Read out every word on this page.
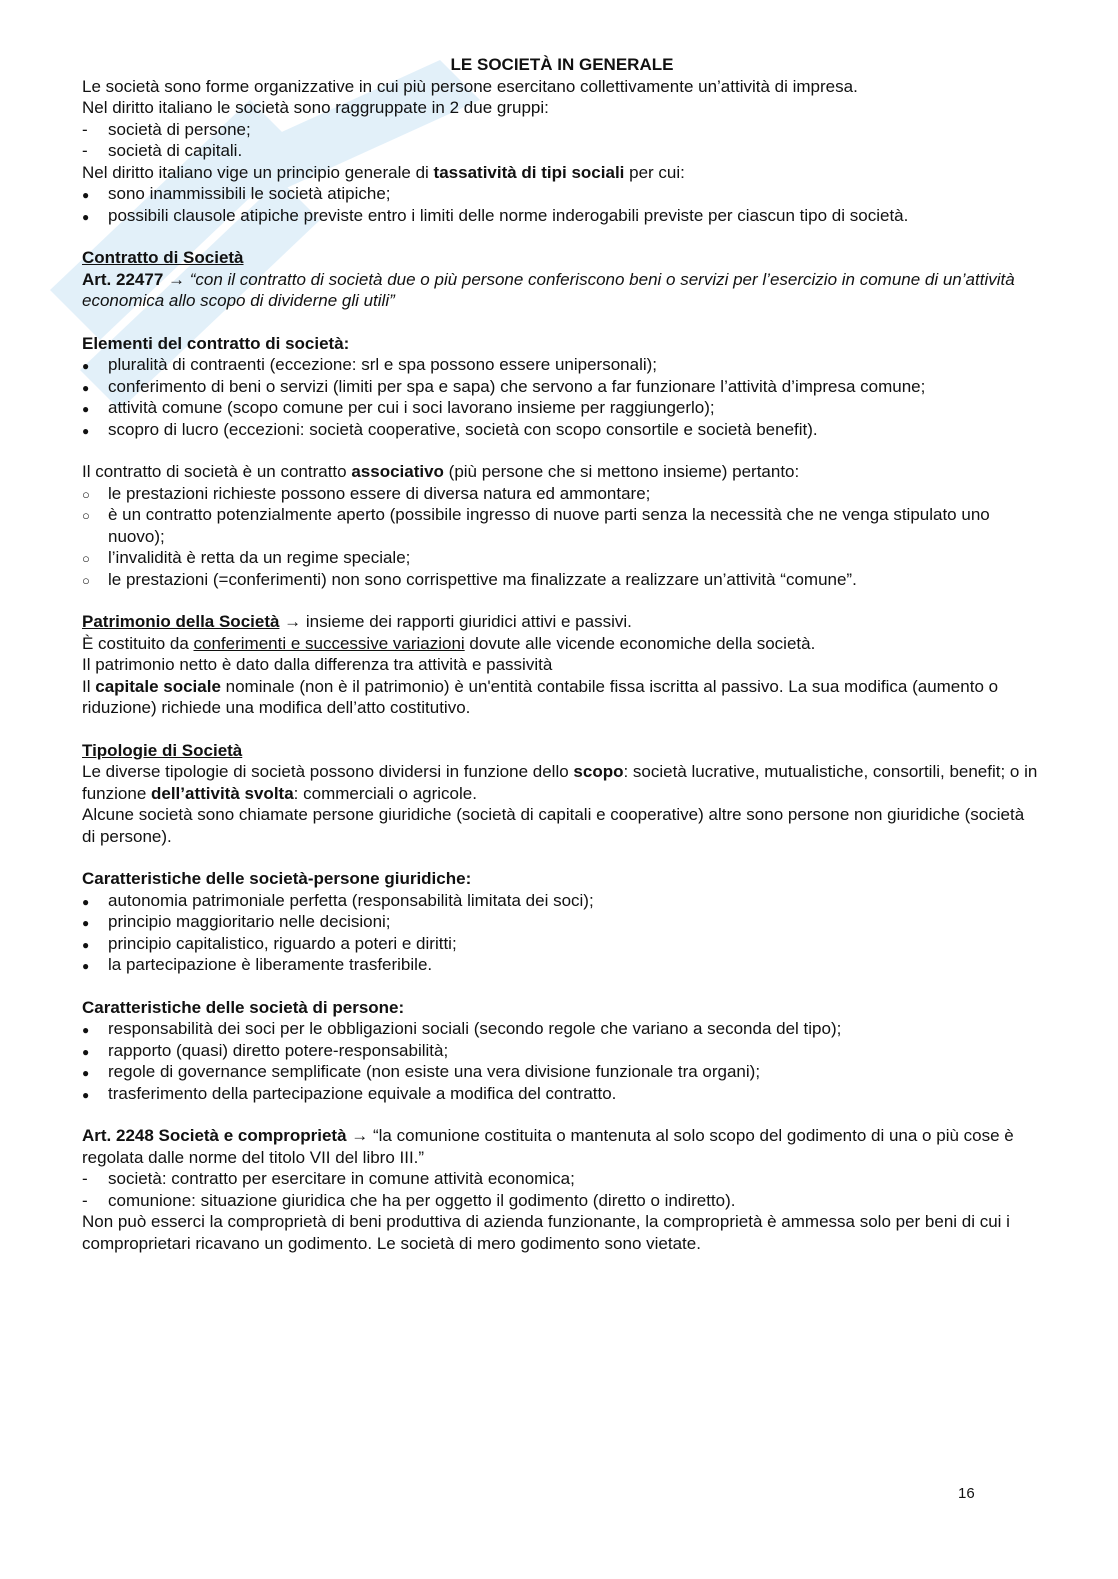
LE SOCIETÀ IN GENERALE

Le società sono forme organizzative in cui più persone esercitano collettivamente un’attività di impresa.

Nel diritto italiano le società sono raggruppate in 2 due gruppi:

-
società di persone;
-
società di capitali.

Nel diritto italiano vige un principio generale di tassatività di tipi sociali per cui:

●
sono inammissibili le società atipiche;
●
possibili clausole atipiche previste entro i limiti delle norme inderogabili previste per ciascun tipo di società.

Contratto di Società

Art. 22477 → “con il contratto di società due o più persone conferiscono beni o servizi per l’esercizio in comune di un’attività economica allo scopo di dividerne gli utili”

Elementi del contratto di società:

●
pluralità di contraenti (eccezione: srl e spa possono essere unipersonali);
●
conferimento di beni o servizi (limiti per spa e sapa) che servono a far funzionare l’attività d’impresa comune;
●
attività comune (scopo comune per cui i soci lavorano insieme per raggiungerlo);
●
scopro di lucro (eccezioni: società cooperative, società con scopo consortile e società benefit).

Il contratto di società è un contratto associativo (più persone che si mettono insieme) pertanto:

○
le prestazioni richieste possono essere di diversa natura ed ammontare;
○
è un contratto potenzialmente aperto (possibile ingresso di nuove parti senza la necessità che ne venga stipulato uno nuovo);
○
l’invalidità è retta da un regime speciale;
○
le prestazioni (=conferimenti) non sono corrispettive ma finalizzate a realizzare un’attività “comune”.

Patrimonio della Società → insieme dei rapporti giuridici attivi e passivi.

È costituito da conferimenti e successive variazioni dovute alle vicende economiche della società.

Il patrimonio netto è dato dalla differenza tra attività e passività

Il capitale sociale nominale (non è il patrimonio) è un'entità contabile fissa iscritta al passivo. La sua modifica (aumento o riduzione) richiede una modifica dell’atto costitutivo.

Tipologie di Società

Le diverse tipologie di società possono dividersi in funzione dello scopo: società lucrative, mutualistiche, consortili, benefit; o in funzione dell’attività svolta: commerciali o agricole.

Alcune società sono chiamate persone giuridiche (società di capitali e cooperative) altre sono persone non giuridiche (società di persone).

Caratteristiche delle società-persone giuridiche:

●
autonomia patrimoniale perfetta (responsabilità limitata dei soci);
●
principio maggioritario nelle decisioni;
●
principio capitalistico, riguardo a poteri e diritti;
●
la partecipazione è liberamente trasferibile.

Caratteristiche delle società di persone:

●
responsabilità dei soci per le obbligazioni sociali (secondo regole che variano a seconda del tipo);
●
rapporto (quasi) diretto potere-responsabilità;
●
regole di governance semplificate (non esiste una vera divisione funzionale tra organi);
●
trasferimento della partecipazione equivale a modifica del contratto.

Art. 2248 Società e comproprietà → “la comunione costituita o mantenuta al solo scopo del godimento di una o più cose è regolata dalle norme del titolo VII del libro III.”

-
società: contratto per esercitare in comune attività economica;
-
comunione: situazione giuridica che ha per oggetto il godimento (diretto o indiretto).

Non può esserci la comproprietà di beni produttiva di azienda funzionante, la comproprietà è ammessa solo per beni di cui i comproprietari ricavano un godimento. Le società di mero godimento sono vietate.

16
